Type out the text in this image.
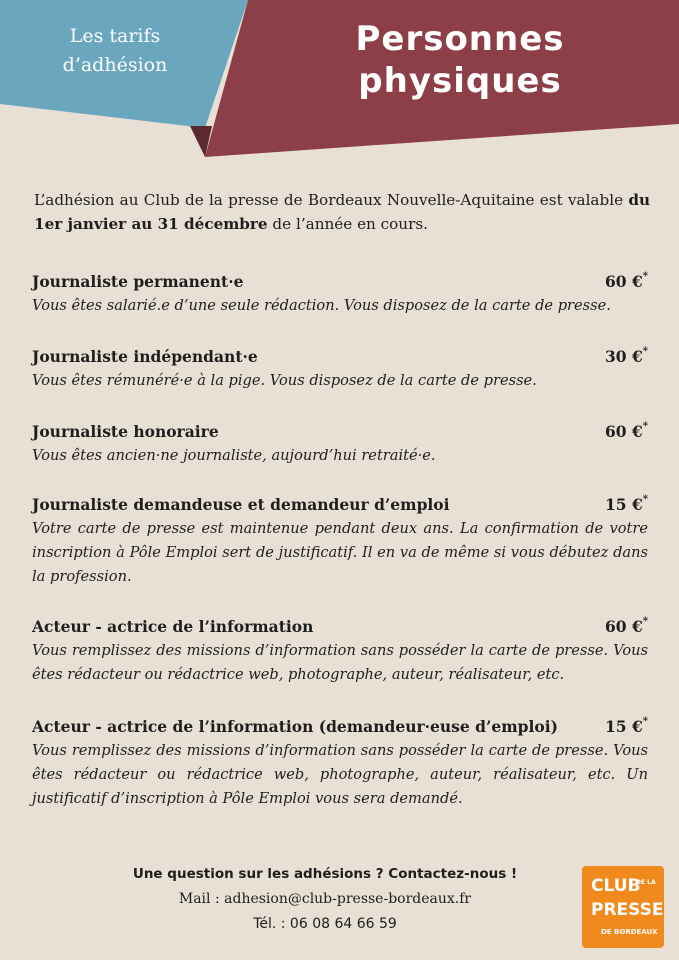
Les tarifs
d’adhésion
Personnes
physiques
L’adhésion au Club de la presse de Bordeaux Nouvelle-Aquitaine est valable du 1er janvier au 31 décembre de l’année en cours.
Journaliste permanent·e	60 €*
Vous êtes salarié.e d’une seule rédaction. Vous disposez de la carte de presse.
Journaliste indépendant·e	30 €*
Vous êtes rémunéré·e à la pige. Vous disposez de la carte de presse.
Journaliste honoraire	60 €*
Vous êtes ancien·ne journaliste, aujourd’hui retraité·e.
Journaliste demandeuse et demandeur d’emploi	15 €*
Votre carte de presse est maintenue pendant deux ans. La confirmation de votre inscription à Pôle Emploi sert de justificatif. Il en va de même si vous débutez dans la profession.
Acteur - actrice de l’information	60 €*
Vous remplissez des missions d’information sans posséder la carte de presse. Vous êtes rédacteur ou rédactrice web, photographe, auteur, réalisateur, etc.
Acteur - actrice de l’information (demandeur·euse d’emploi)	15 €*
Vous remplissez des missions d’information sans posséder la carte de presse. Vous êtes rédacteur ou rédactrice web, photographe, auteur, réalisateur, etc. Un justificatif d’inscription à Pôle Emploi vous sera demandé.
Une question sur les adhésions ? Contactez-nous !
Mail : adhesion@club-presse-bordeaux.fr
Tél. : 06 08 64 66 59
CLUB
DE LA
PRESSE
DE BORDEAUX
